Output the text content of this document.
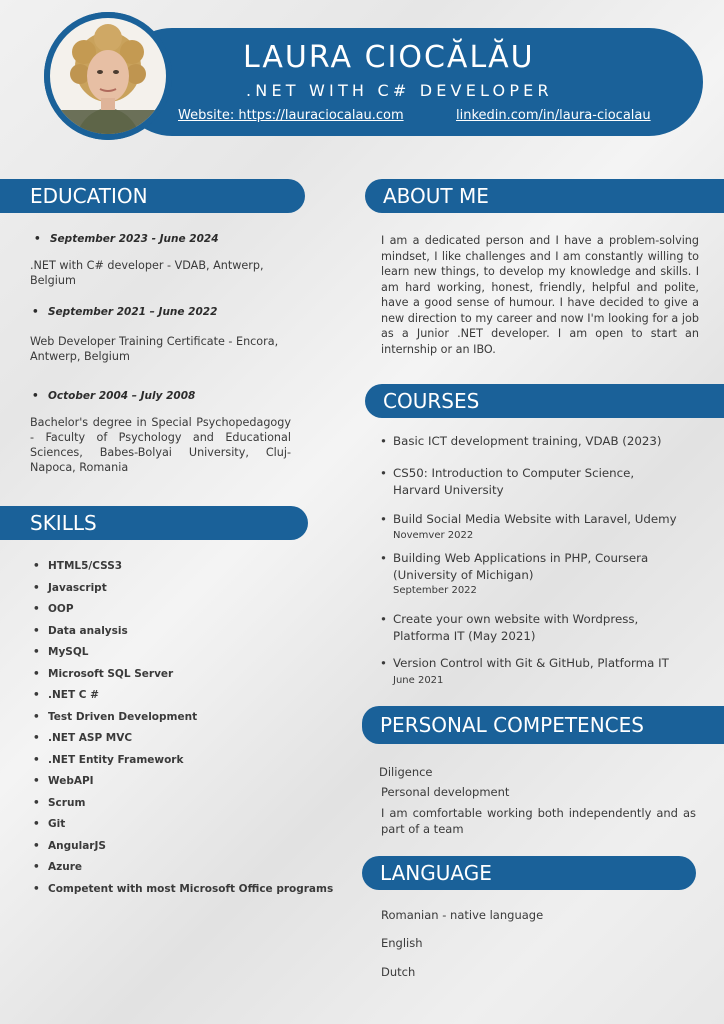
LAURA CIOCĂLĂU
.NET WITH C# DEVELOPER
Website: https://lauraciocalau.com	linkedin.com/in/laura-ciocalau
EDUCATION
• September 2023 - June 2024
.NET with C# developer - VDAB, Antwerp, Belgium
• September 2021 – June 2022
Web Developer Training Certificate - Encora, Antwerp, Belgium
• October 2004 – July 2008
Bachelor's degree in Special Psychopedagogy - Faculty of Psychology and Educational Sciences, Babes-Bolyai University, Cluj-Napoca, Romania
SKILLS
• HTML5/CSS3
• Javascript
• OOP
• Data analysis
• MySQL
• Microsoft SQL Server
• .NET C #
• Test Driven Development
• .NET ASP MVC
• .NET Entity Framework
• WebAPI
• Scrum
• Git
• AngularJS
• Azure
• Competent with most Microsoft Office programs
ABOUT ME
I am a dedicated person and I have a problem-solving mindset, I like challenges and I am constantly willing to learn new things, to develop my knowledge and skills. I am hard working, honest, friendly, helpful and polite, have a good sense of humour. I have decided to give a new direction to my career and now I'm looking for a job as a Junior .NET developer. I am open to start an internship or an IBO.
COURSES
• Basic ICT development training, VDAB (2023)
• CS50: Introduction to Computer Science, Harvard University
• Build Social Media Website with Laravel, Udemy
Novemver 2022
• Building Web Applications in PHP, Coursera (University of Michigan)
September 2022
• Create your own website with Wordpress, Platforma IT (May 2021)
• Version Control with Git & GitHub, Platforma IT
June 2021
PERSONAL COMPETENCES
Diligence
Personal development
I am comfortable working both independently and as part of a team
LANGUAGE
Romanian - native language
English
Dutch
